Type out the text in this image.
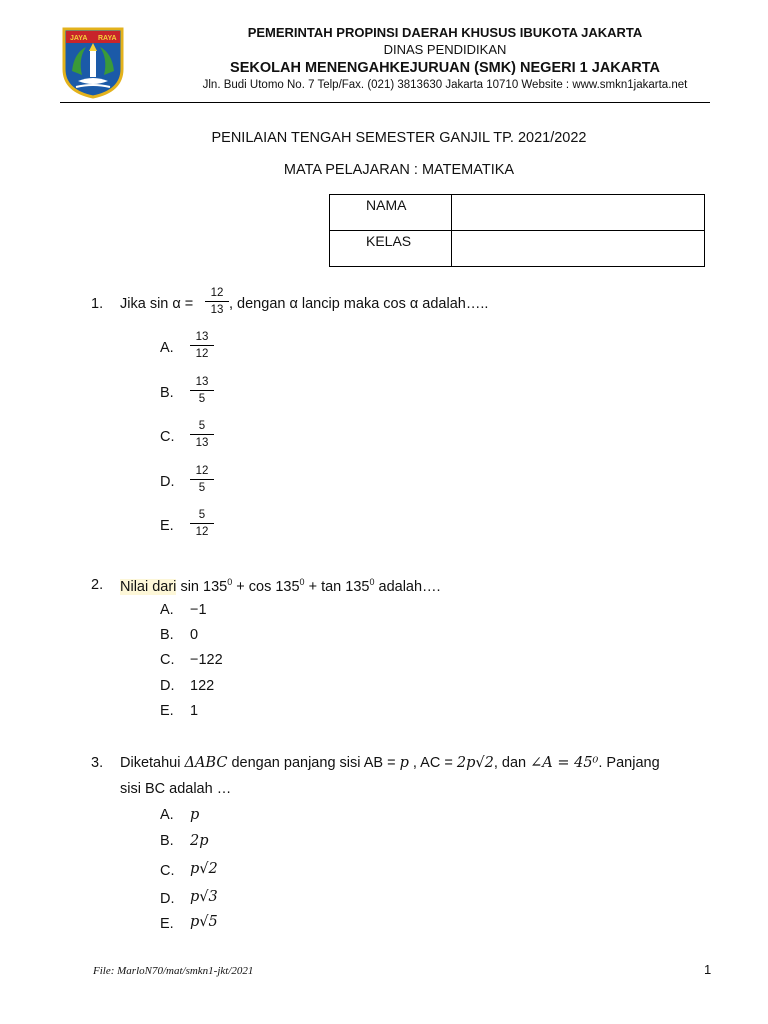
JAYA RAYA	PEMERINTAH PROPINSI DAERAH KHUSUS IBUKOTA JAKARTA
DINAS PENDIDIKAN
SEKOLAH MENENGAHKEJURUAN (SMK) NEGERI 1 JAKARTA
Jln. Budi Utomo No. 7 Telp/Fax. (021) 3813630 Jakarta 10710 Website : www.smkn1jakarta.net
PENILAIAN TENGAH SEMESTER GANJIL TP. 2021/2022
MATA PELAJARAN : MATEMATIKA
NAMA	
KELAS	
1. Jika $\sin \alpha = \frac{12}{13}$ , dengan α lancip maka cos α adalah…..
A. $\frac{13}{12}$
B. $\frac{13}{5}$
C. $\frac{5}{13}$
D. $\frac{12}{5}$
E. $\frac{5}{12}$
2. Nilai dari $\sin 135^0 + \cos 135^0 + \tan 135^0$ adalah….
A. −1
B. 0
C. −122
D. 122
E. 1
3. Diketahui ΔABC dengan panjang sisi AB = p , AC = 2p√2, dan ∠A = 45⁰. Panjang
sisi BC adalah …
A. p
B. 2p
C. p√2
D. p√3
E. p√5
File: MarloN70/mat/smkn1-jkt/2021	1
